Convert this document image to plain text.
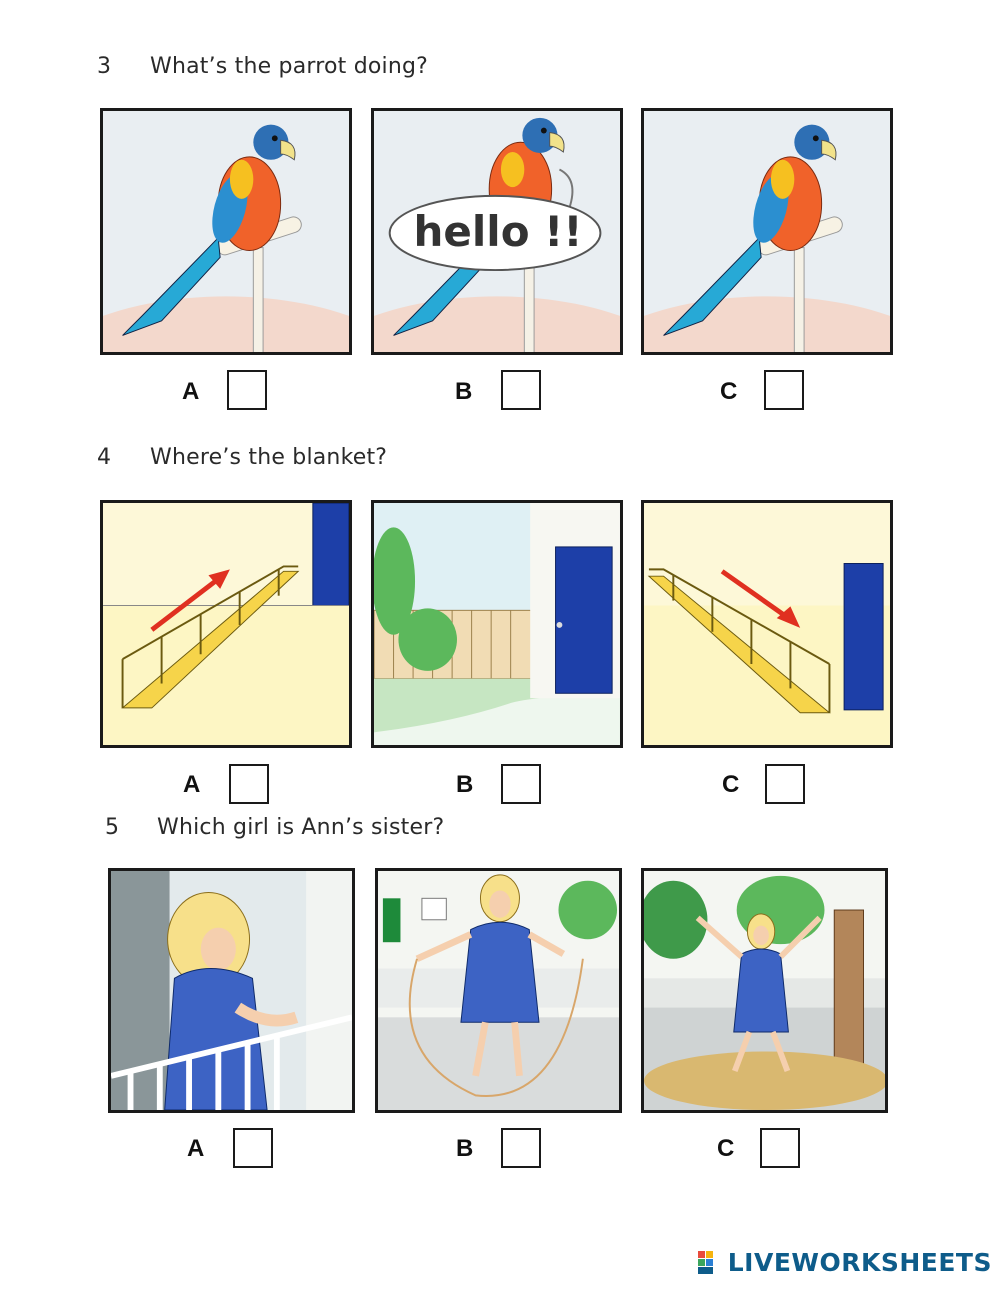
3 What’s the parrot doing?
hello !!
A	B	C
4 Where’s the blanket?
A	B	C
5 Which girl is Ann’s sister?
A	B	C
LIVEWORKSHEETS
